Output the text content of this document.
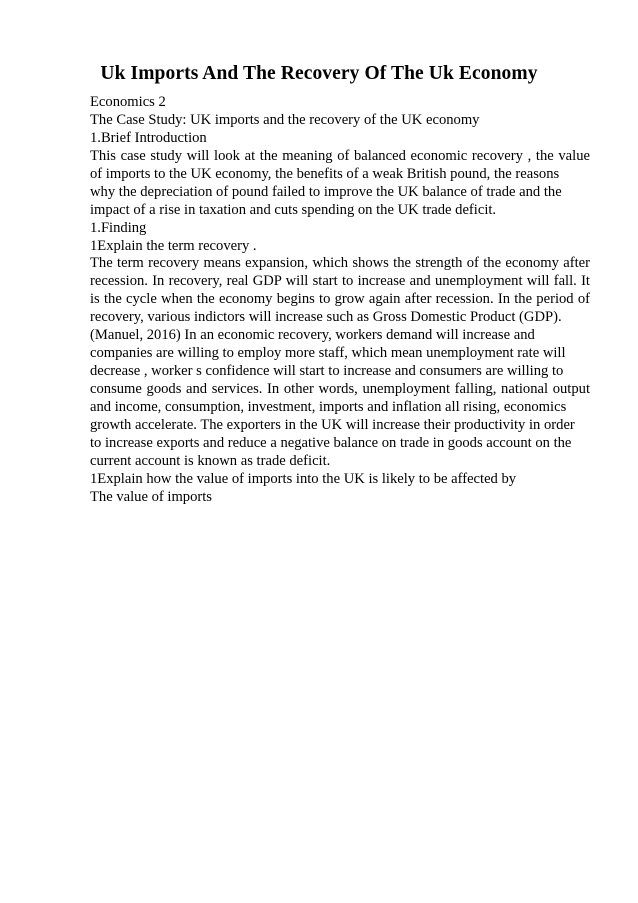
Uk Imports And The Recovery Of The Uk Economy
Economics 2
The Case Study: UK imports and the recovery of the UK economy
1.Brief Introduction
This case study will look at the meaning of balanced economic recovery , the value
of imports to the UK economy, the benefits of a weak British pound, the reasons
why the depreciation of pound failed to improve the UK balance of trade and the
impact of a rise in taxation and cuts spending on the UK trade deficit.
1.Finding
1Explain the term recovery .
The term recovery means expansion, which shows the strength of the economy after
recession. In recovery, real GDP will start to increase and unemployment will fall. It
is the cycle when the economy begins to grow again after recession. In the period of
recovery, various indictors will increase such as Gross Domestic Product (GDP).
(Manuel, 2016) In an economic recovery, workers demand will increase and
companies are willing to employ more staff, which mean unemployment rate will
decrease , worker s confidence will start to increase and consumers are willing to
consume goods and services. In other words, unemployment falling, national output
and income, consumption, investment, imports and inflation all rising, economics
growth accelerate. The exporters in the UK will increase their productivity in order
to increase exports and reduce a negative balance on trade in goods account on the
current account is known as trade deficit.
1Explain how the value of imports into the UK is likely to be affected by
The value of imports
